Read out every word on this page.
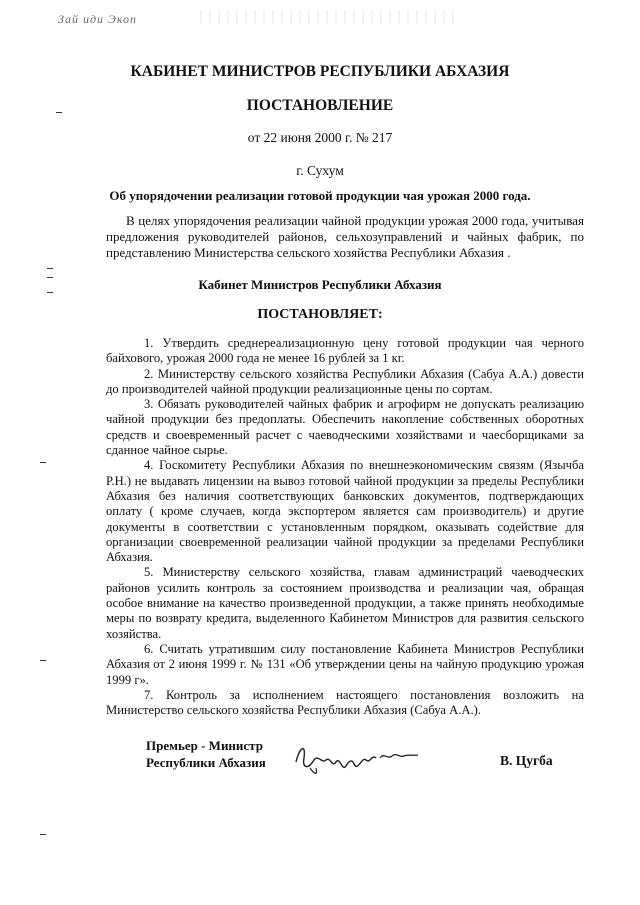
Зай иди Экоп
КАБИНЕТ МИНИСТРОВ РЕСПУБЛИКИ АБХАЗИЯ
ПОСТАНОВЛЕНИЕ
от 22 июня 2000 г. № 217
г. Сухум
Об упорядочении реализации готовой продукции чая урожая 2000 года.
В целях упорядочения реализации чайной продукции урожая 2000 года, учитывая предложения руководителей районов, сельхозуправлений и чайных фабрик, по представлению Министерства сельского хозяйства Республики Абхазия .
Кабинет Министров Республики Абхазия
ПОСТАНОВЛЯЕТ:

1. Утвердить среднереализационную цену готовой продукции чая черного байхового, урожая 2000 года не менее 16 рублей за 1 кг.

2. Министерству сельского хозяйства Республики Абхазия (Сабуа А.А.) довести до производителей чайной продукции реализационные цены по сортам.

3. Обязать руководителей чайных фабрик и агрофирм не допускать реализацию чайной продукции без предоплаты. Обеспечить накопление собственных оборотных средств и своевременный расчет с чаеводческими хозяйствами и чаесборщиками за сданное чайное сырье.

4. Госкомитету Республики Абхазия по внешнеэкономическим связям (Язычба Р.Н.) не выдавать лицензии на вывоз готовой чайной продукции за пределы Республики Абхазия без наличия соответствующих банковских документов, подтверждающих оплату ( кроме случаев, когда экспортером является сам производитель) и другие документы в соответствии с установленным порядком, оказывать содействие для организации своевременной реализации чайной продукции за пределами Республики Абхазия.

5. Министерству сельского хозяйства, главам администраций чаеводческих районов усилить контроль за состоянием производства и реализации чая, обращая особое внимание на качество произведенной продукции, а также принять необходимые меры по возврату кредита, выделенного Кабинетом Министров для развития сельского хозяйства.

6. Считать утратившим силу постановление Кабинета Министров Республики Абхазия от 2 июня 1999 г. № 131 «Об утверждении цены на чайную продукцию урожая 1999 г».

7. Контроль за исполнением настоящего постановления возложить на Министерство сельского хозяйства Республики Абхазия (Сабуа А.А.).

Премьер - Министр
Республики Абхазия	В. Цугба
